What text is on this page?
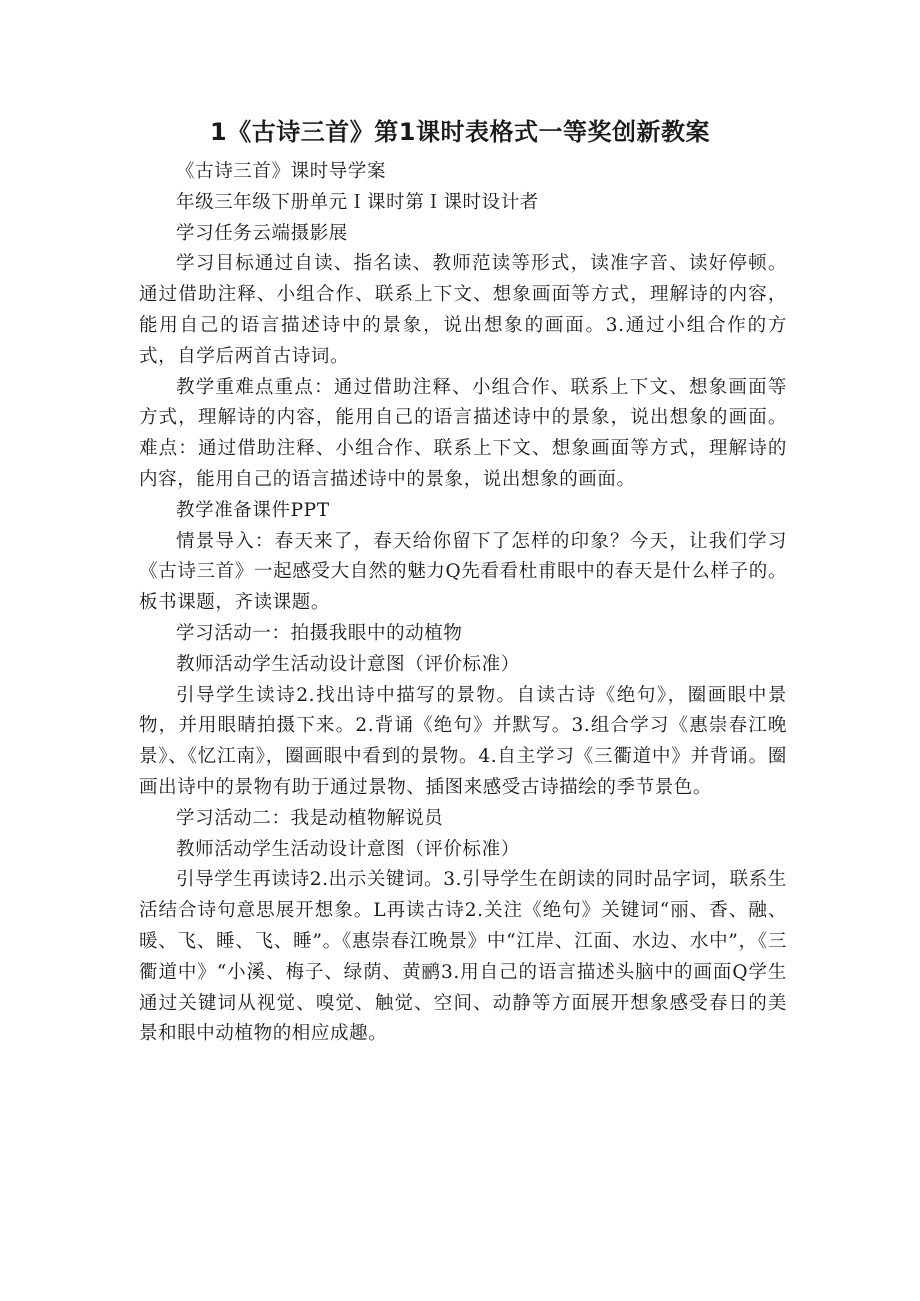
1《古诗三首》第1课时表格式一等奖创新教案

《古诗三首》课时导学案

年级三年级下册单元Ｉ课时第Ｉ课时设计者

学习任务云端摄影展

学习目标通过自读、指名读、教师范读等形式，读准字音、读好停顿。通过借助注释、小组合作、联系上下文、想象画面等方式，理解诗的内容，能用自己的语言描述诗中的景象，说出想象的画面。3.通过小组合作的方式，自学后两首古诗词。

教学重难点重点：通过借助注释、小组合作、联系上下文、想象画面等方式，理解诗的内容，能用自己的语言描述诗中的景象，说出想象的画面。难点：通过借助注释、小组合作、联系上下文、想象画面等方式，理解诗的内容，能用自己的语言描述诗中的景象，说出想象的画面。

教学准备课件PPT

情景导入：春天来了，春天给你留下了怎样的印象？今天，让我们学习《古诗三首》一起感受大自然的魅力Q先看看杜甫眼中的春天是什么样子的。板书课题，齐读课题。

学习活动一：拍摄我眼中的动植物

教师活动学生活动设计意图（评价标准）

引导学生读诗2.找出诗中描写的景物。自读古诗《绝句》，圈画眼中景物，并用眼睛拍摄下来。2.背诵《绝句》并默写。3.组合学习《惠崇春江晚景》、《忆江南》，圈画眼中看到的景物。4.自主学习《三衢道中》并背诵。圈画出诗中的景物有助于通过景物、插图来感受古诗描绘的季节景色。

学习活动二：我是动植物解说员

教师活动学生活动设计意图（评价标准）

引导学生再读诗2.出示关键词。3.引导学生在朗读的同时品字词，联系生活结合诗句意思展开想象。L再读古诗2.关注《绝句》关键词“丽、香、融、暖、飞、睡、飞、睡”。《惠崇春江晚景》中“江岸、江面、水边、水中”，《三衢道中》“小溪、梅子、绿荫、黄鹂3.用自己的语言描述头脑中的画面Q学生通过关键词从视觉、嗅觉、触觉、空间、动静等方面展开想象感受春日的美景和眼中动植物的相应成趣。
